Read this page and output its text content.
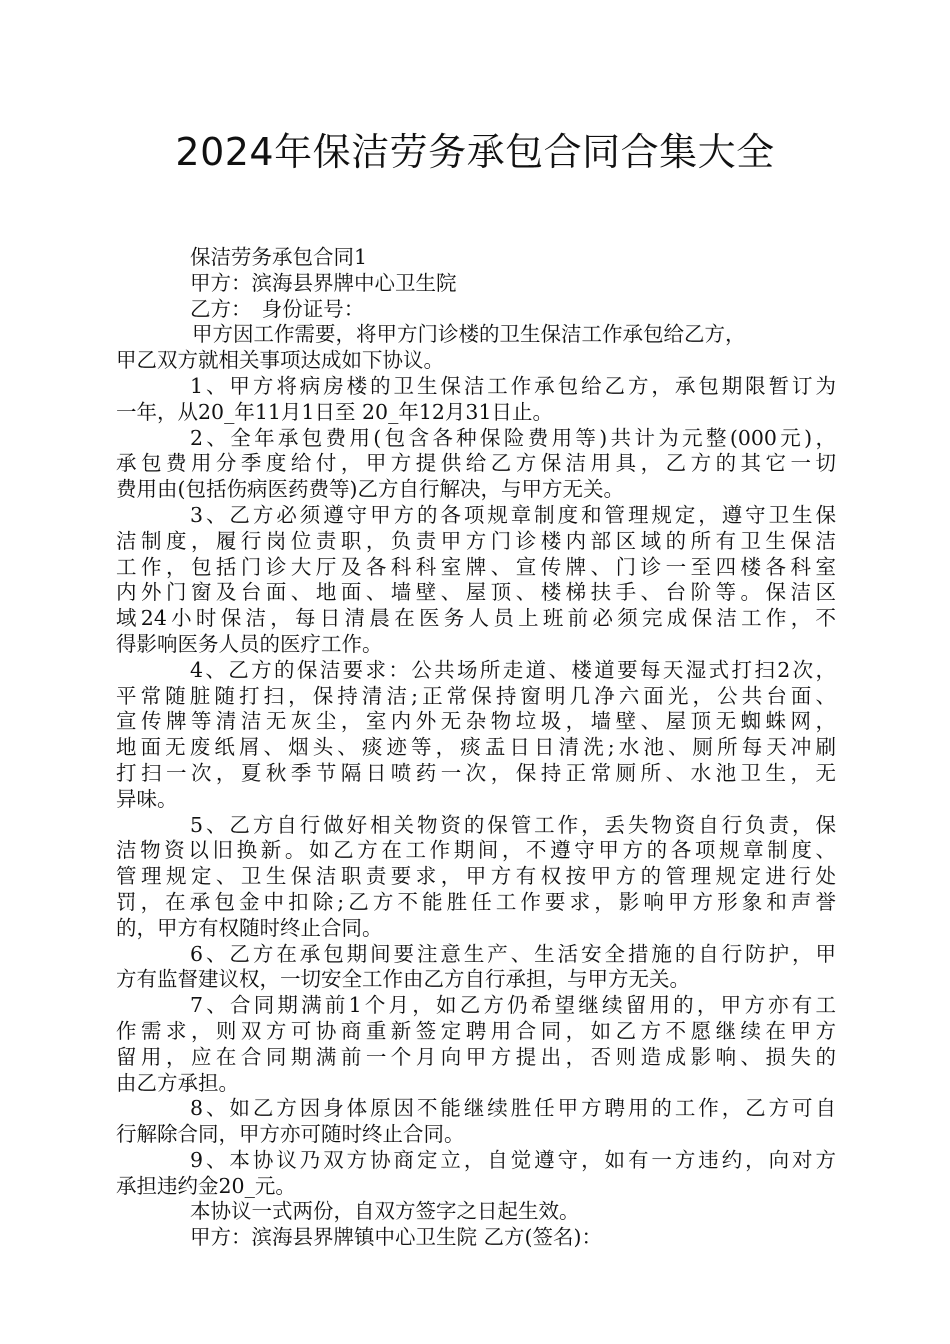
2024年保洁劳务承包合同合集大全
保洁劳务承包合同1
甲方：滨海县界牌中心卫生院
乙方：　身份证号：
甲方因工作需要，将甲方门诊楼的卫生保洁工作承包给乙方，
甲乙双方就相关事项达成如下协议。
1、甲方将病房楼的卫生保洁工作承包给乙方，承包期限暂订为
一年，从20_年11月1日至 20_年12月31日止。
2、全年承包费用(包含各种保险费用等)共计为元整(000元)，
承包费用分季度给付，甲方提供给乙方保洁用具，乙方的其它一切
费用由(包括伤病医药费等)乙方自行解决，与甲方无关。
3、乙方必须遵守甲方的各项规章制度和管理规定，遵守卫生保
洁制度，履行岗位责职，负责甲方门诊楼内部区域的所有卫生保洁
工作，包括门诊大厅及各科科室牌、宣传牌、门诊一至四楼各科室
内外门窗及台面、地面、墙壁、屋顶、楼梯扶手、台阶等。保洁区
域24小时保洁，每日清晨在医务人员上班前必须完成保洁工作，不
得影响医务人员的医疗工作。
4、乙方的保洁要求：公共场所走道、楼道要每天湿式打扫2次，
平常随脏随打扫，保持清洁;正常保持窗明几净六面光，公共台面、
宣传牌等清洁无灰尘，室内外无杂物垃圾，墙壁、屋顶无蜘蛛网，
地面无废纸屑、烟头、痰迹等，痰盂日日清洗;水池、厕所每天冲刷
打扫一次，夏秋季节隔日喷药一次，保持正常厕所、水池卫生，无
异味。
5、乙方自行做好相关物资的保管工作，丢失物资自行负责，保
洁物资以旧换新。如乙方在工作期间，不遵守甲方的各项规章制度、
管理规定、卫生保洁职责要求，甲方有权按甲方的管理规定进行处
罚，在承包金中扣除;乙方不能胜任工作要求，影响甲方形象和声誉
的，甲方有权随时终止合同。
6、乙方在承包期间要注意生产、生活安全措施的自行防护，甲
方有监督建议权，一切安全工作由乙方自行承担，与甲方无关。
7、合同期满前1个月，如乙方仍希望继续留用的，甲方亦有工
作需求，则双方可协商重新签定聘用合同，如乙方不愿继续在甲方
留用，应在合同期满前一个月向甲方提出，否则造成影响、损失的
由乙方承担。
8、如乙方因身体原因不能继续胜任甲方聘用的工作，乙方可自
行解除合同，甲方亦可随时终止合同。
9、本协议乃双方协商定立，自觉遵守，如有一方违约，向对方
承担违约金20_元。
本协议一式两份，自双方签字之日起生效。
甲方：滨海县界牌镇中心卫生院 乙方(签名)：
